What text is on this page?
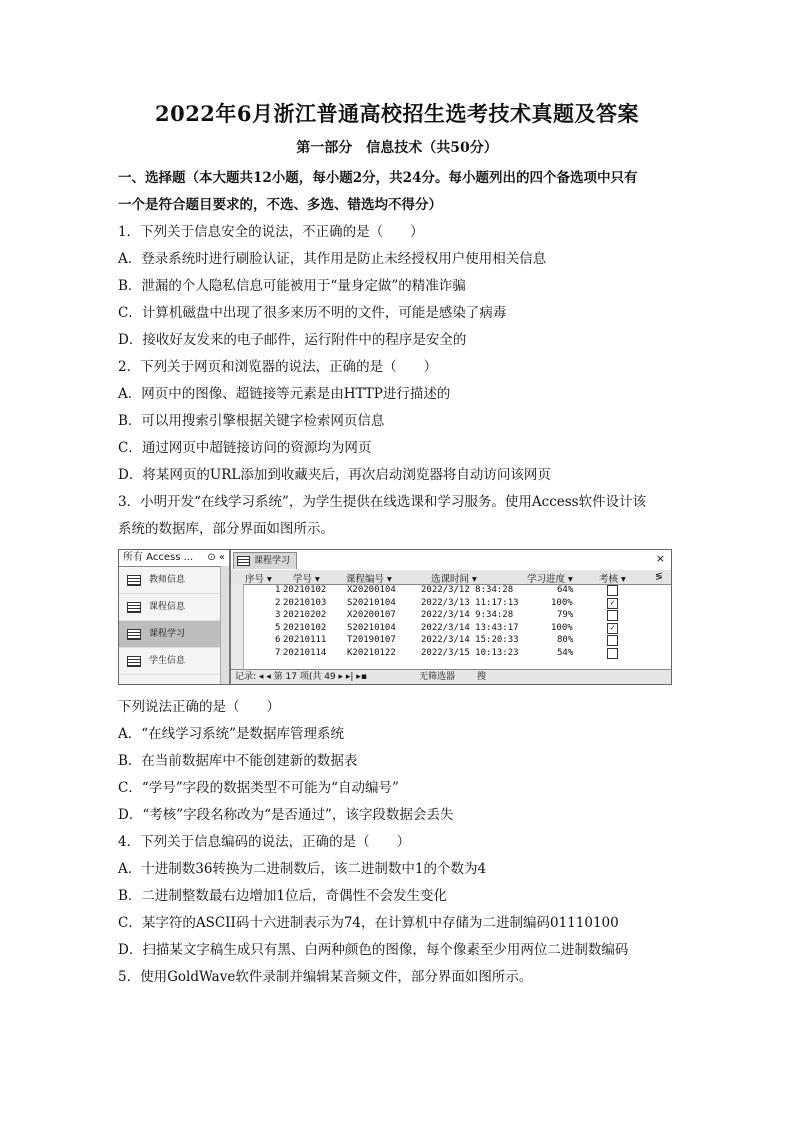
2022年6月浙江普通高校招生选考技术真题及答案
第一部分　信息技术（共50分）
一、选择题（本大题共12小题，每小题2分，共24分。每小题列出的四个备选项中只有
一个是符合题目要求的，不选、多选、错选均不得分）
1．下列关于信息安全的说法，不正确的是（　　）
A．登录系统时进行刷脸认证，其作用是防止未经授权用户使用相关信息
B．泄漏的个人隐私信息可能被用于“量身定做”的精准诈骗
C．计算机磁盘中出现了很多来历不明的文件，可能是感染了病毒
D．接收好友发来的电子邮件，运行附件中的程序是安全的
2．下列关于网页和浏览器的说法，正确的是（　　）
A．网页中的图像、超链接等元素是由HTTP进行描述的
B．可以用搜索引擎根据关键字检索网页信息
C．通过网页中超链接访问的资源均为网页
D．将某网页的URL添加到收藏夹后，再次启动浏览器将自动访问该网页
3．小明开发“在线学习系统”，为学生提供在线选课和学习服务。使用Access软件设计该
系统的数据库，部分界面如图所示。
所有 Access ... ⊙ «
教师信息
课程信息
课程学习
学生信息
课程学习	×
序号 ▾ 学号 ▾	课程编号 ▾	选课时间 ▾	学习进度 ▾	考核 ▾	≶
1 20210102 X20200104	2022/3/12 8:34:28	64%
2 20210103 S20210104	2022/3/13 11:17:13	100%	✓
3 20210202 X20200107	2022/3/14 9:34:28	79%
5 20210102 S20210104	2022/3/14 13:43:17	100%	✓
6 20210111 T20190107	2022/3/14 15:20:33	80%
7 20210114 K20210122	2022/3/15 10:13:23	54%
记录: ◂ ◂ 第 17 项(共 49 ▸ ▸| ▸▪	无筛选器 搜
下列说法正确的是（　　）
A．“在线学习系统”是数据库管理系统
B．在当前数据库中不能创建新的数据表
C．“学号”字段的数据类型不可能为“自动编号”
D．“考核”字段名称改为“是否通过”，该字段数据会丢失
4．下列关于信息编码的说法，正确的是（　　）
A．十进制数36转换为二进制数后，该二进制数中1的个数为4
B．二进制整数最右边增加1位后，奇偶性不会发生变化
C．某字符的ASCII码十六进制表示为74，在计算机中存储为二进制编码01110100
D．扫描某文字稿生成只有黑、白两种颜色的图像，每个像素至少用两位二进制数编码
5．使用GoldWave软件录制并编辑某音频文件，部分界面如图所示。
